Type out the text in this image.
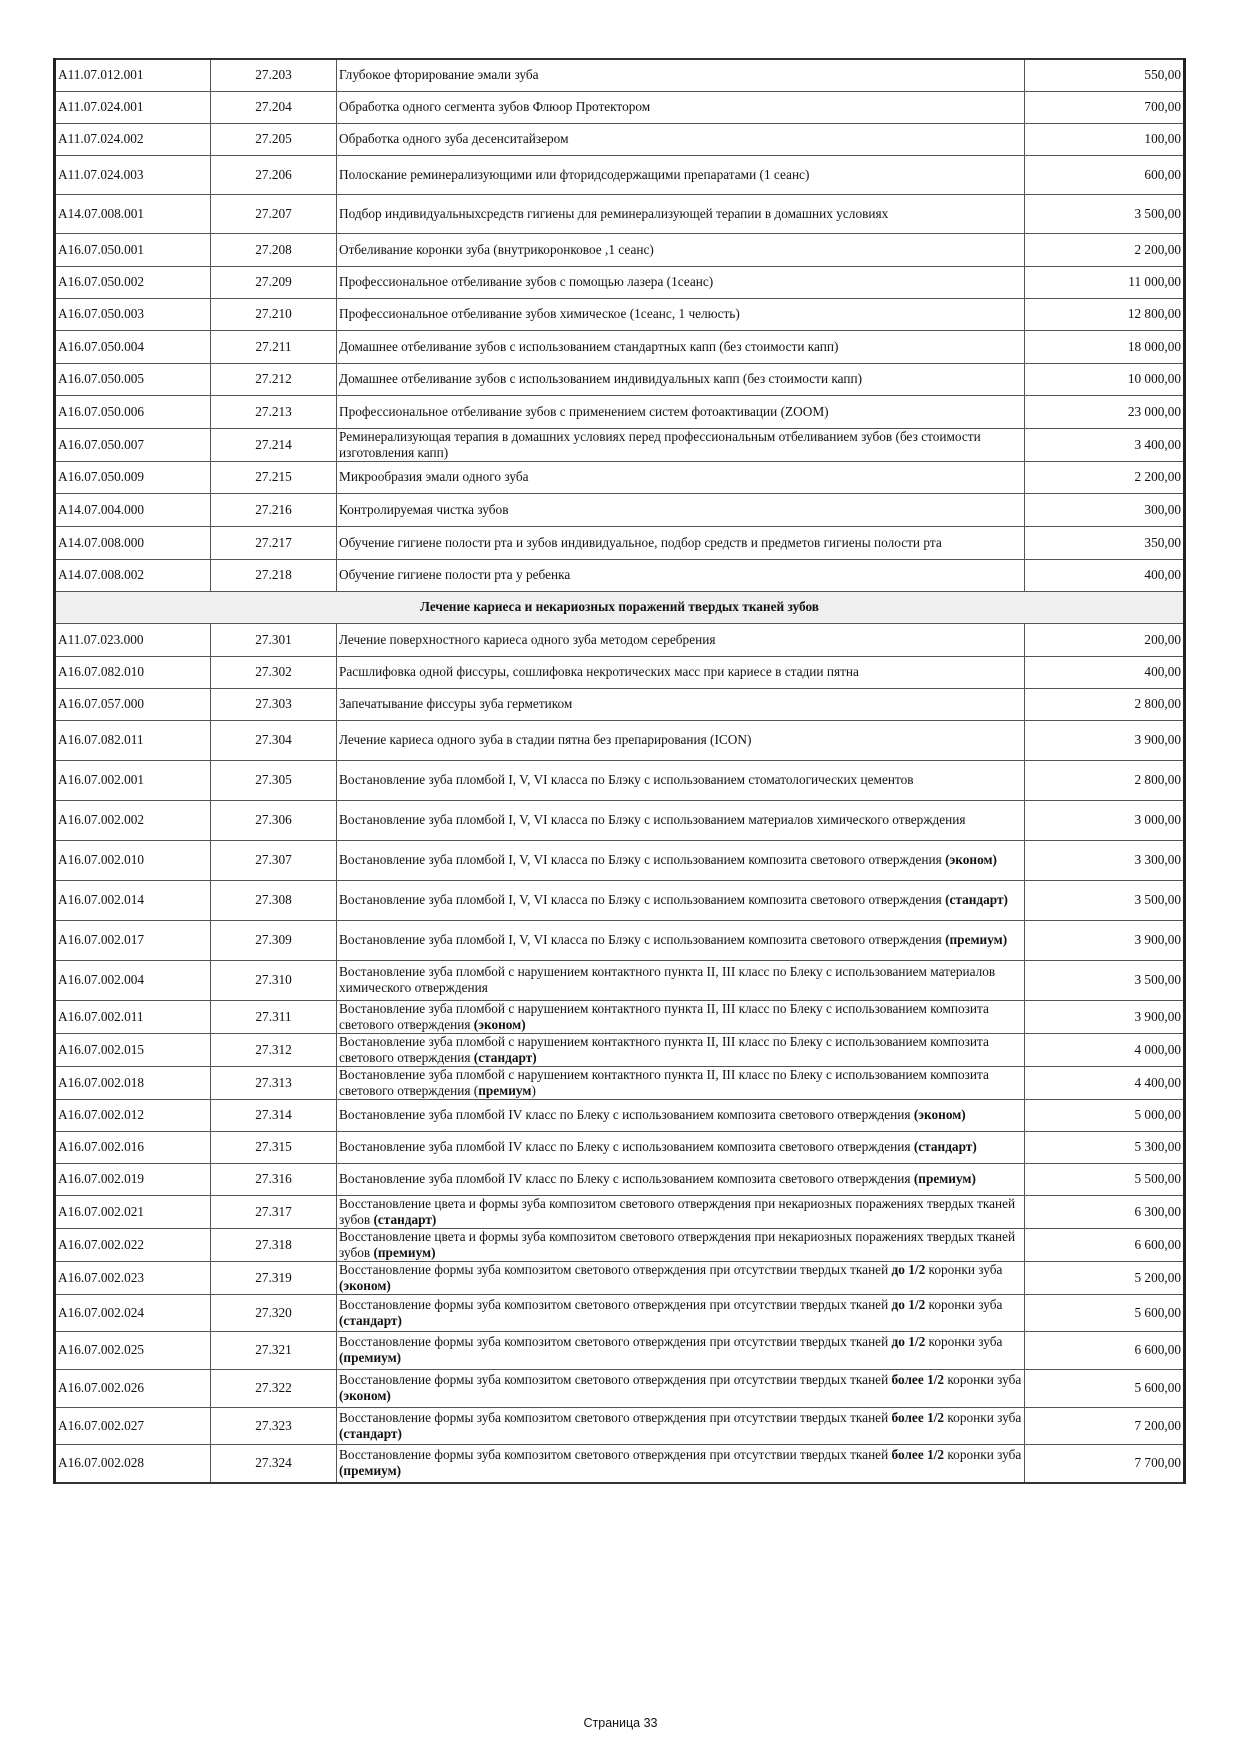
A11.07.012.001	27.203	Глубокое фторирование эмали зуба	550,00
A11.07.024.001	27.204	Обработка одного сегмента зубов Флюор Протектором	700,00
A11.07.024.002	27.205	Обработка одного зуба десенситайзером	100,00
A11.07.024.003	27.206	Полоскание реминерализующими или фторидсодержащими препаратами (1 сеанс)	600,00
A14.07.008.001	27.207	Подбор индивидуальныхсредств гигиены для реминерализующей терапии в домашних условиях	3 500,00
A16.07.050.001	27.208	Отбеливание коронки зуба (внутрикоронковое ,1 сеанс)	2 200,00
A16.07.050.002	27.209	Профессиональное отбеливание зубов с помощью лазера (1сеанс)	11 000,00
A16.07.050.003	27.210	Профессиональное отбеливание зубов химическое (1сеанс, 1 челюсть)	12 800,00
A16.07.050.004	27.211	Домашнее отбеливание зубов с использованием стандартных капп (без стоимости капп)	18 000,00
A16.07.050.005	27.212	Домашнее отбеливание зубов с использованием индивидуальных капп (без стоимости капп)	10 000,00
A16.07.050.006	27.213	Профессиональное отбеливание зубов с применением систем фотоактивации (ZOOM)	23 000,00
A16.07.050.007	27.214	Реминерализующая терапия в домашних условиях перед профессиональным отбеливанием зубов (без стоимости изготовления капп)	3 400,00
A16.07.050.009	27.215	Микрообразия эмали одного зуба	2 200,00
A14.07.004.000	27.216	Контролируемая чистка зубов	300,00
A14.07.008.000	27.217	Обучение гигиене полости рта и зубов индивидуальное, подбор средств и предметов гигиены полости рта	350,00
A14.07.008.002	27.218	Обучение гигиене полости рта у ребенка	400,00
Лечение кариеса и некариозных поражений твердых тканей зубов			
A11.07.023.000	27.301	Лечение поверхностного кариеса одного зуба методом серебрения	200,00
A16.07.082.010	27.302	Расшлифовка одной фиссуры, сошлифовка некротических масс при кариесе в стадии пятна	400,00
A16.07.057.000	27.303	Запечатывание фиссуры зуба герметиком	2 800,00
A16.07.082.011	27.304	Лечение кариеса одного зуба в стадии пятна без препарирования (ICON)	3 900,00
A16.07.002.001	27.305	Востановление зуба пломбой I, V, VI класса по Блэку с использованием стоматологических цементов	2 800,00
A16.07.002.002	27.306	Востановление зуба пломбой I, V, VI класса по Блэку с использованием материалов химического отверждения	3 000,00
A16.07.002.010	27.307	Востановление зуба пломбой I, V, VI класса по Блэку с использованием композита светового отверждения (эконом)	3 300,00
A16.07.002.014	27.308	Востановление зуба пломбой I, V, VI класса по Блэку с использованием композита светового отверждения (стандарт)	3 500,00
A16.07.002.017	27.309	Востановление зуба пломбой I, V, VI класса по Блэку с использованием композита светового отверждения (премиум)	3 900,00
A16.07.002.004	27.310	Востановление зуба пломбой с нарушением контактного пункта II, III класс по Блеку с использованием материалов химического отверждения	3 500,00
A16.07.002.011	27.311	Востановление зуба пломбой с нарушением контактного пункта II, III класс по Блеку с использованием композита светового отверждения (эконом)	3 900,00
A16.07.002.015	27.312	Востановление зуба пломбой с нарушением контактного пункта II, III класс по Блеку с использованием композита светового отверждения (стандарт)	4 000,00
A16.07.002.018	27.313	Востановление зуба пломбой с нарушением контактного пункта II, III класс по Блеку с использованием композита светового отверждения (премиум)	4 400,00
A16.07.002.012	27.314	Востановление зуба пломбой IV класс по Блеку с использованием композита светового отверждения (эконом)	5 000,00
A16.07.002.016	27.315	Востановление зуба пломбой IV класс по Блеку с использованием композита светового отверждения (стандарт)	5 300,00
A16.07.002.019	27.316	Востановление зуба пломбой IV класс по Блеку с использованием композита светового отверждения (премиум)	5 500,00
A16.07.002.021	27.317	Восстановление цвета и формы зуба композитом светового отверждения при некариозных поражениях твердых тканей зубов (стандарт)	6 300,00
A16.07.002.022	27.318	Восстановление цвета и формы зуба композитом светового отверждения при некариозных поражениях твердых тканей зубов (премиум)	6 600,00
A16.07.002.023	27.319	Восстановление формы зуба композитом светового отверждения при отсутствии твердых тканей до 1/2 коронки зуба (эконом)	5 200,00
A16.07.002.024	27.320	Восстановление формы зуба композитом светового отверждения при отсутствии твердых тканей до 1/2 коронки зуба (стандарт)	5 600,00
A16.07.002.025	27.321	Восстановление формы зуба композитом светового отверждения при отсутствии твердых тканей до 1/2 коронки зуба (премиум)	6 600,00
A16.07.002.026	27.322	Восстановление формы зуба композитом светового отверждения при отсутствии твердых тканей более 1/2 коронки зуба (эконом)	5 600,00
A16.07.002.027	27.323	Восстановление формы зуба композитом светового отверждения при отсутствии твердых тканей более 1/2 коронки зуба (стандарт)	7 200,00
A16.07.002.028	27.324	Восстановление формы зуба композитом светового отверждения при отсутствии твердых тканей более 1/2 коронки зуба (премиум)	7 700,00
Страница 33
